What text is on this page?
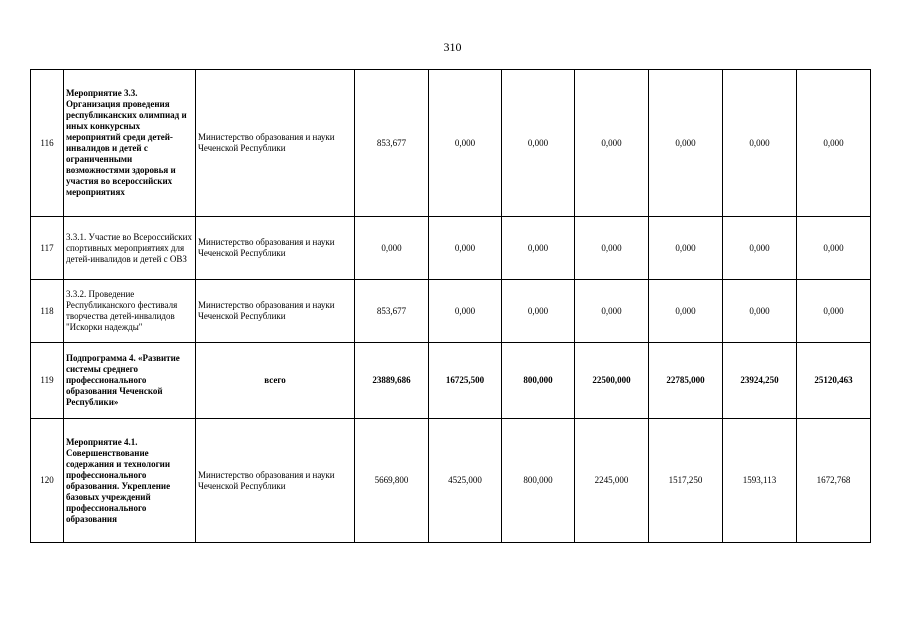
310
116	Мероприятие 3.3. Организация проведения республиканских олимпиад и иных конкурсных мероприятий среди детей-инвалидов и детей с ограниченными возможностями здоровья и участия во всероссийских мероприятиях	Министерство образования и науки Чеченской Республики	853,677	0,000	0,000	0,000	0,000	0,000	0,000
117	3.3.1. Участие во Всероссийских спортивных мероприятиях для детей-инвалидов и детей с ОВЗ	Министерство образования и науки Чеченской Республики	0,000	0,000	0,000	0,000	0,000	0,000	0,000
118	3.3.2. Проведение Республиканского фестиваля творчества детей-инвалидов "Искорки надежды"	Министерство образования и науки Чеченской Республики	853,677	0,000	0,000	0,000	0,000	0,000	0,000
119	Подпрограмма 4. «Развитие системы среднего профессионального образования Чеченской Республики»	всего	23889,686	16725,500	800,000	22500,000	22785,000	23924,250	25120,463
120	Мероприятие 4.1. Совершенствование содержания и технологии профессионального образования. Укрепление базовых учреждений профессионального образования	Министерство образования и науки Чеченской Республики	5669,800	4525,000	800,000	2245,000	1517,250	1593,113	1672,768
